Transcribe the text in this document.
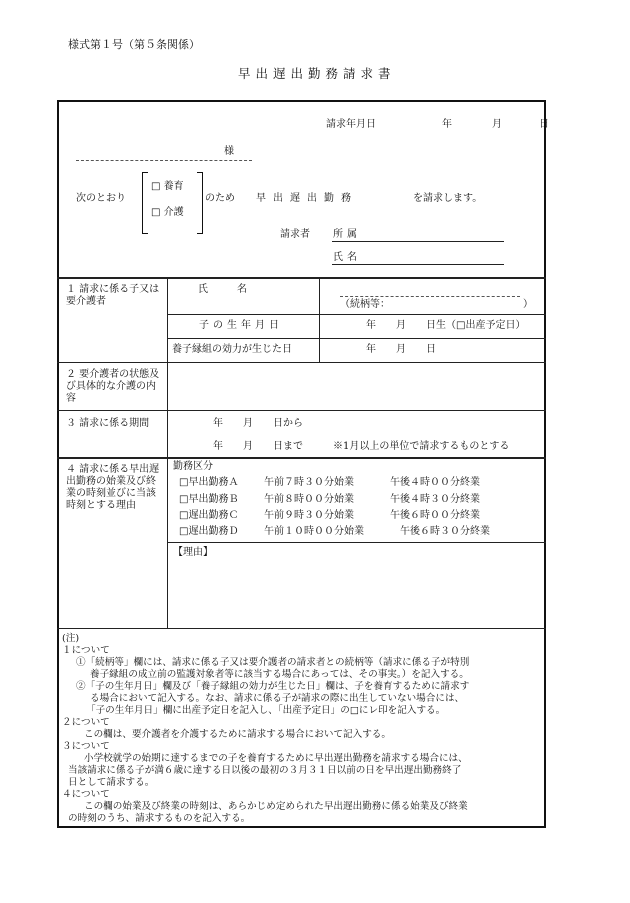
様式第１号（第５条関係）
早出遅出勤務請求書
請求年月日	年	月	日
様
次のとおり
□ 養育
□ 介護
のため 早出遅出勤務	を請求します。
請求者 所属
氏名
１ 請求に係る子又は要介護者
氏　　名
（続柄等：	）
子の生年月日	年　　月　　日生（□出産予定日）
養子縁組の効力が生じた日	年　　月　　日
２ 要介護者の状態及び具体的な介護の内容
３ 請求に係る期間	年　　月　　日から
年　　月　　日まで	※1月以上の単位で請求するものとする
４ 請求に係る早出遅出勤務の始業及び終業の時刻並びに当該時刻とする理由
勤務区分
□早出勤務Ａ	午前７時３０分始業	午後４時００分終業
□早出勤務Ｂ	午前８時００分始業	午後４時３０分終業
□遅出勤務Ｃ	午前９時３０分始業	午後６時００分終業
□遅出勤務Ｄ	午前１０時００分始業	午後６時３０分終業
【理由】
(注)
１について
①「続柄等」欄には、請求に係る子又は要介護者の請求者との続柄等（請求に係る子が特別
養子縁組の成立前の監護対象者等に該当する場合にあっては、その事実。）を記入する。
②「子の生年月日」欄及び「養子縁組の効力が生じた日」欄は、子を養育するために請求す
る場合において記入する。なお、請求に係る子が請求の際に出生していない場合には、
「子の生年月日」欄に出産予定日を記入し、「出産予定日」の□にレ印を記入する。
２について
この欄は、要介護者を介護するために請求する場合において記入する。
３について
小学校就学の始期に達するまでの子を養育するために早出遅出勤務を請求する場合には、
当該請求に係る子が満６歳に達する日以後の最初の３月３１日以前の日を早出遅出勤務終了
日として請求する。
４について
この欄の始業及び終業の時刻は、あらかじめ定められた早出遅出勤務に係る始業及び終業
の時刻のうち、請求するものを記入する。
